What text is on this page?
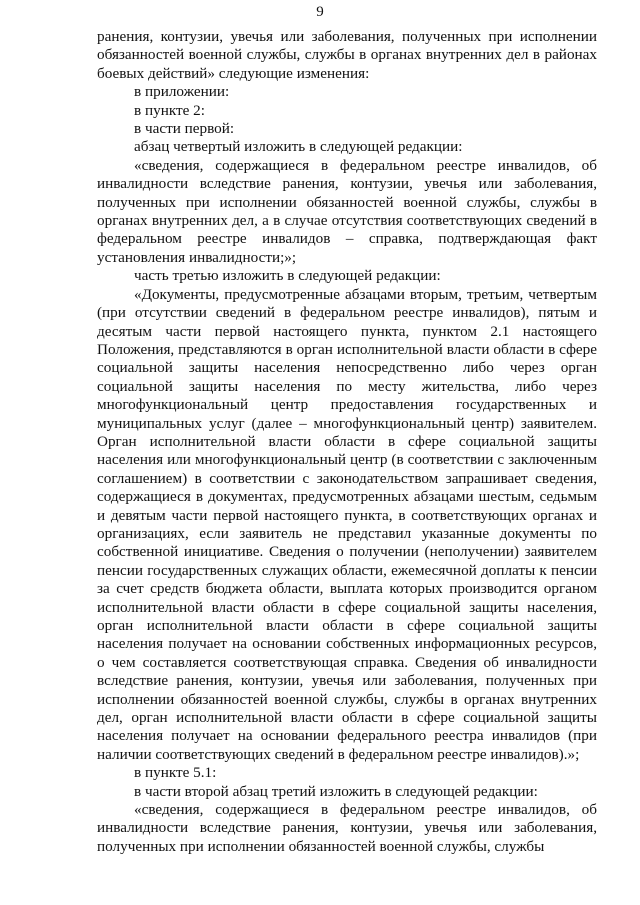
9

ранения, контузии, увечья или заболевания, полученных при исполнении обязанностей военной службы, службы в органах внутренних дел в районах боевых действий» следующие изменения:

в приложении:

в пункте 2:

в части первой:

абзац четвертый изложить в следующей редакции:

«сведения, содержащиеся в федеральном реестре инвалидов, об инвалидности вследствие ранения, контузии, увечья или заболевания, полученных при исполнении обязанностей военной службы, службы в органах внутренних дел, а в случае отсутствия соответствующих сведений в федеральном реестре инвалидов – справка, подтверждающая факт установления инвалидности;»;

часть третью изложить в следующей редакции:

«Документы, предусмотренные абзацами вторым, третьим, четвертым (при отсутствии сведений в федеральном реестре инвалидов), пятым и десятым части первой настоящего пункта, пунктом 2.1 настоящего Положения, представляются в орган исполнительной власти области в сфере социальной защиты населения непосредственно либо через орган социальной защиты населения по месту жительства, либо через многофункциональный центр предоставления государственных и муниципальных услуг (далее – многофункциональный центр) заявителем. Орган исполнительной власти области в сфере социальной защиты населения или многофункциональный центр (в соответствии с заключенным соглашением) в соответствии с законодательством запрашивает сведения, содержащиеся в документах, предусмотренных абзацами шестым, седьмым и девятым части первой настоящего пункта, в соответствующих органах и организациях, если заявитель не представил указанные документы по собственной инициативе. Сведения о получении (неполучении) заявителем пенсии государственных служащих области, ежемесячной доплаты к пенсии за счет средств бюджета области, выплата которых производится органом исполнительной власти области в сфере социальной защиты населения, орган исполнительной власти области в сфере социальной защиты населения получает на основании собственных информационных ресурсов, о чем составляется соответствующая справка. Сведения об инвалидности вследствие ранения, контузии, увечья или заболевания, полученных при исполнении обязанностей военной службы, службы в органах внутренних дел, орган исполнительной власти области в сфере социальной защиты населения получает на основании федерального реестра инвалидов (при наличии соответствующих сведений в федеральном реестре инвалидов).»;

в пункте 5.1:

в части второй абзац третий изложить в следующей редакции:

«сведения, содержащиеся в федеральном реестре инвалидов, об инвалидности вследствие ранения, контузии, увечья или заболевания, полученных при исполнении обязанностей военной службы, службы
